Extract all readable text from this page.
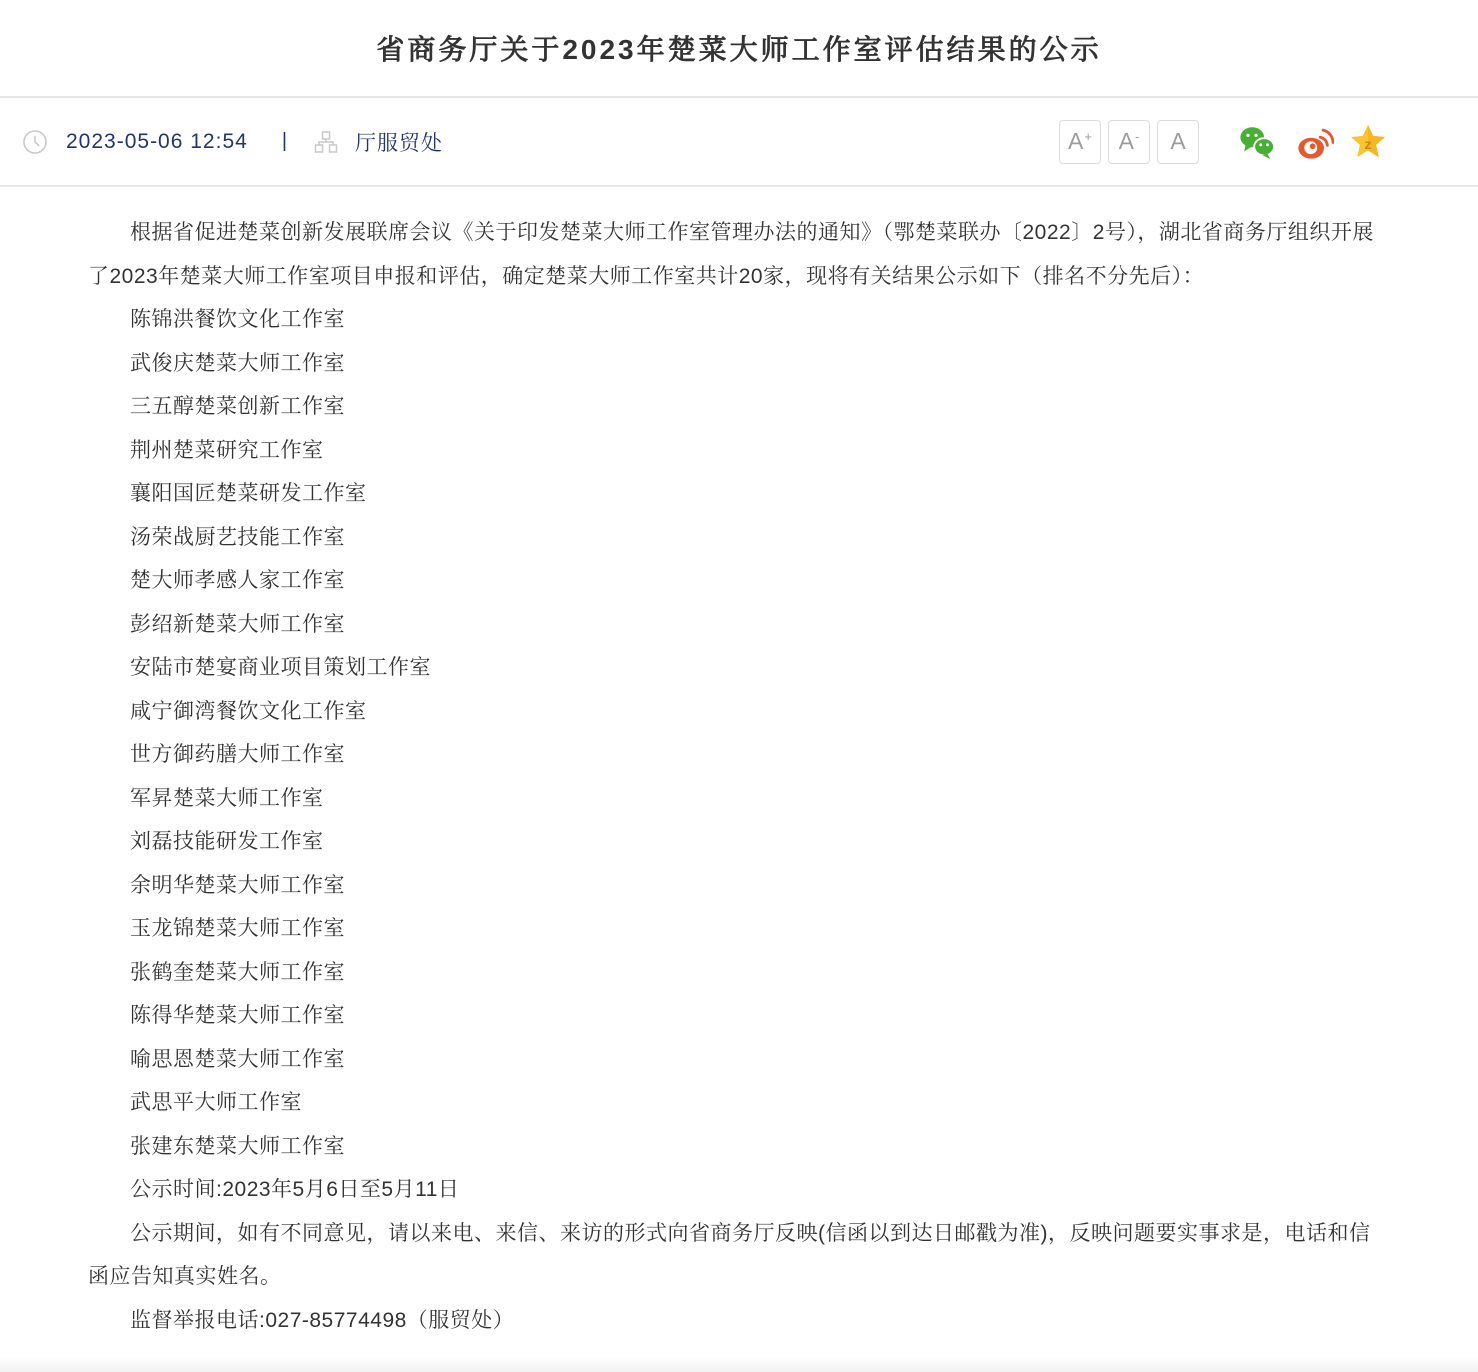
省商务厅关于2023年楚菜大师工作室评估结果的公示
2023-05-06 12:54 |	厅服贸处	A+ A- A	z

根据省促进楚菜创新发展联席会议《关于印发楚菜大师工作室管理办法的通知》（鄂楚菜联办〔2022〕2号），湖北省商务厅组织开展了2023年楚菜大师工作室项目申报和评估，确定楚菜大师工作室共计20家，现将有关结果公示如下（排名不分先后）：

陈锦洪餐饮文化工作室

武俊庆楚菜大师工作室

三五醇楚菜创新工作室

荆州楚菜研究工作室

襄阳国匠楚菜研发工作室

汤荣战厨艺技能工作室

楚大师孝感人家工作室

彭绍新楚菜大师工作室

安陆市楚宴商业项目策划工作室

咸宁御湾餐饮文化工作室

世方御药膳大师工作室

军昇楚菜大师工作室

刘磊技能研发工作室

余明华楚菜大师工作室

玉龙锦楚菜大师工作室

张鹤奎楚菜大师工作室

陈得华楚菜大师工作室

喻思恩楚菜大师工作室

武思平大师工作室

张建东楚菜大师工作室

公示时间:2023年5月6日至5月11日

公示期间，如有不同意见，请以来电、来信、来访的形式向省商务厅反映(信函以到达日邮戳为准)，反映问题要实事求是，电话和信函应告知真实姓名。

监督举报电话:027-85774498（服贸处）
